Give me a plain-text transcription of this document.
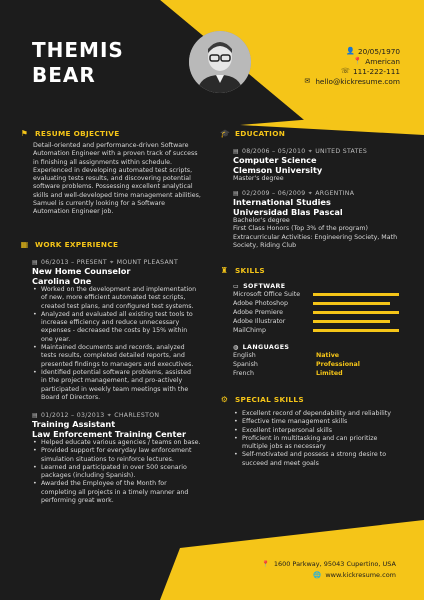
THEMIS
BEAR
👤 20/05/1970
📍 American
☏ 111-222-111
✉ hello@kickresume.com
⚑ RESUME OBJECTIVE
Detail-oriented and performance-driven Software
Automation Engineer with a proven track of success
in finishing all assignments within schedule.
Experienced in developing automated test scripts,
evaluating tests results, and discovering potential
software problems. Possessing excellent analytical
skills and well-developed time management abilities,
Samuel is currently looking for a Software
Automation Engineer job.
▦ WORK EXPERIENCE
▤ 06/2013 – PRESENT ⌖ MOUNT PLEASANT
New Home Counselor
Carolina One
• Worked on the development and implementation
of new, more efficient automated test scripts,
created test plans, and configured test systems.
• Analyzed and evaluated all existing test tools to
increase efficiency and reduce unnecessary
expenses - decreased the costs by 15% within
one year.
• Maintained documents and records, analyzed
tests results, completed detailed reports, and
presented findings to managers and executives.
• Identified potential software problems, assisted
in the project management, and pro-actively
participated in weekly team meetings with the
Board of Directors.
▤ 01/2012 – 03/2013 ⌖ CHARLESTON
Training Assistant
Law Enforcement Training Center
• Helped educate various agencies / teams on base.
• Provided support for everyday law enforcement
simulation situations to reinforce lectures.
• Learned and participated in over 500 scenario
packages (including Spanish).
• Awarded the Employee of the Month for
completing all projects in a timely manner and
performing great work.
🎓 EDUCATION
▤ 08/2006 – 05/2010 ⌖ UNITED STATES
Computer Science
Clemson University
Master's degree
▤ 02/2009 – 06/2009 ⌖ ARGENTINA
International Studies
Universidad Blas Pascal
Bachelor's degree
First Class Honors (Top 3% of the program)
Extracurricular Activities: Engineering Society, Math
Society, Riding Club
♜ SKILLS
▭ SOFTWARE
Microsoft Office Suite
Adobe Photoshop
Adobe Premiere
Adobe Illustrator
MailChimp
◍ LANGUAGES
English	Native
Spanish	Professional
French	Limited
⚙ SPECIAL SKILLS
• Excellent record of dependability and reliability
• Effective time management skills
• Excellent interpersonal skills
• Proficient in multitasking and can prioritize
multiple jobs as necessary
• Self-motivated and possess a strong desire to
succeed and meet goals
📍 1600 Parkway, 95043 Cupertino, USA
🌐 www.kickresume.com
